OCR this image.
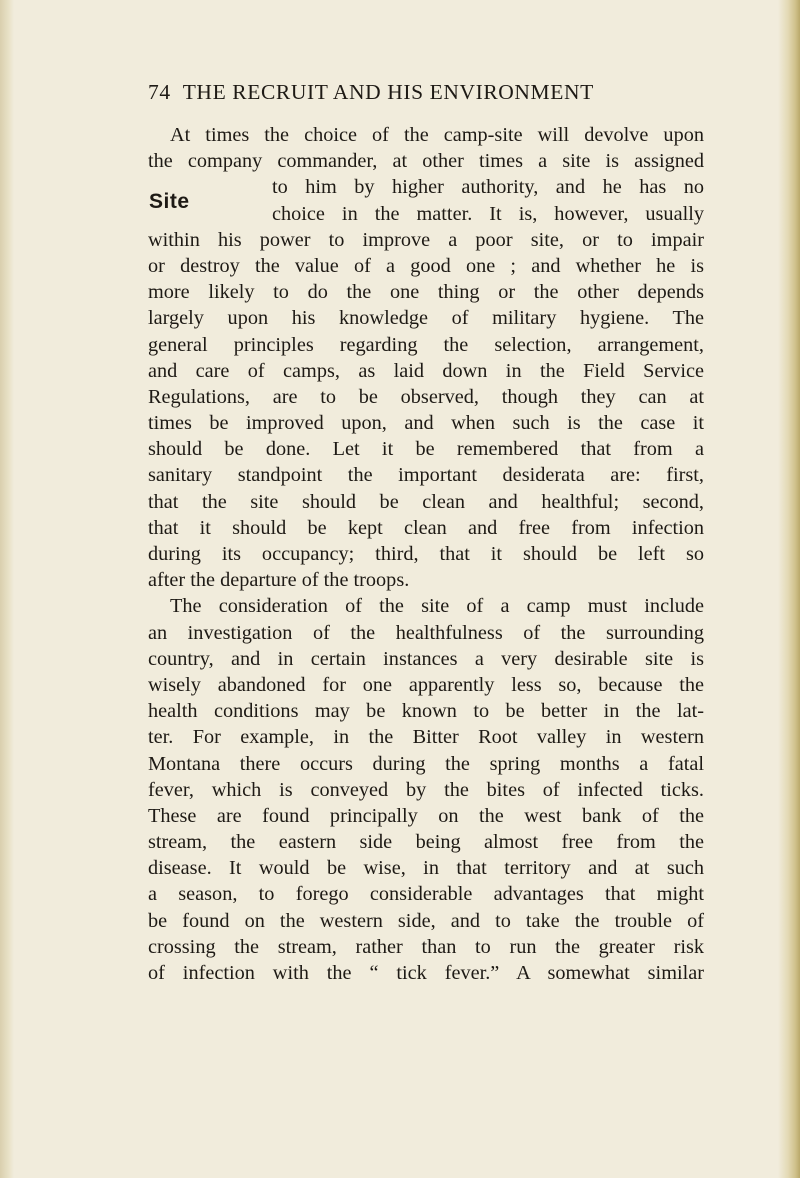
74 THE RECRUIT AND HIS ENVIRONMENT
Site
At times the choice of the camp-site will devolve upon
the company commander, at other times a site is assigned
to him by higher authority, and he has no
choice in the matter. It is, however, usually
within his power to improve a poor site, or to impair
or destroy the value of a good one ; and whether he is
more likely to do the one thing or the other depends
largely upon his knowledge of military hygiene. The
general principles regarding the selection, arrangement,
and care of camps, as laid down in the Field Service
Regulations, are to be observed, though they can at
times be improved upon, and when such is the case it
should be done. Let it be remembered that from a
sanitary standpoint the important desiderata are: first,
that the site should be clean and healthful; second,
that it should be kept clean and free from infection
during its occupancy; third, that it should be left so
after the departure of the troops.
The consideration of the site of a camp must include
an investigation of the healthfulness of the surrounding
country, and in certain instances a very desirable site is
wisely abandoned for one apparently less so, because the
health conditions may be known to be better in the lat-
ter. For example, in the Bitter Root valley in western
Montana there occurs during the spring months a fatal
fever, which is conveyed by the bites of infected ticks.
These are found principally on the west bank of the
stream, the eastern side being almost free from the
disease. It would be wise, in that territory and at such
a season, to forego considerable advantages that might
be found on the western side, and to take the trouble of
crossing the stream, rather than to run the greater risk
of infection with the “ tick fever.” A somewhat similar
